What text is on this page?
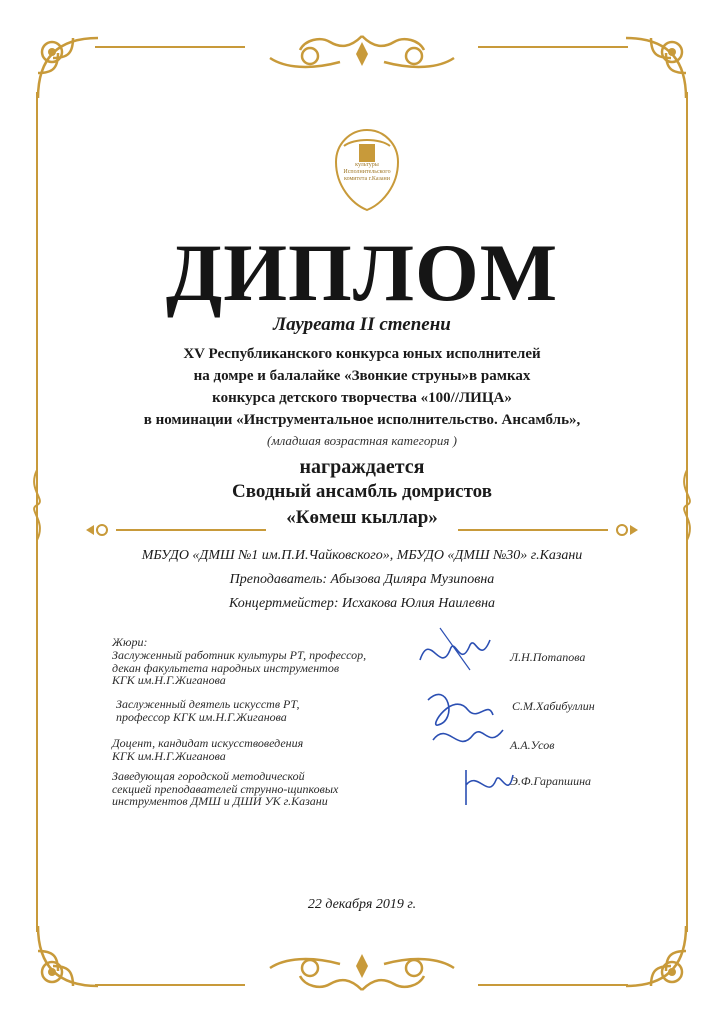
культуры Исполнительского комитета г.Казани
ДИПЛОМ
Лауреата II степени
XV Республиканского конкурса юных исполнителей
на домре и балалайке «Звонкие струны»в рамках
конкурса детского творчества «100//ЛИЦА»
в номинации «Инструментальное исполнительство. Ансамбль»,
(младшая возрастная категория )
награждается
Сводный ансамбль домристов
«Көмеш кыллар»
МБУДО «ДМШ №1 им.П.И.Чайковского», МБУДО «ДМШ №30» г.Казани
Преподаватель: Абызова Диляра Музиповна
Концертмейстер: Исхакова Юлия Наилевна
Жюри:
Заслуженный работник культуры РТ, профессор,
декан факультета народных инструментов
КГК им.Н.Г.Жиганова
Л.Н.Потапова
Заслуженный деятель искусств РТ,
профессор КГК им.Н.Г.Жиганова
С.М.Хабибуллин
Доцент, кандидат искусствоведения
КГК им.Н.Г.Жиганова
А.А.Усов
Заведующая городской методической
секцией преподавателей струнно-щипковых
инструментов ДМШ и ДШИ УК г.Казани
Э.Ф.Гарапшина
22 декабря 2019 г.
